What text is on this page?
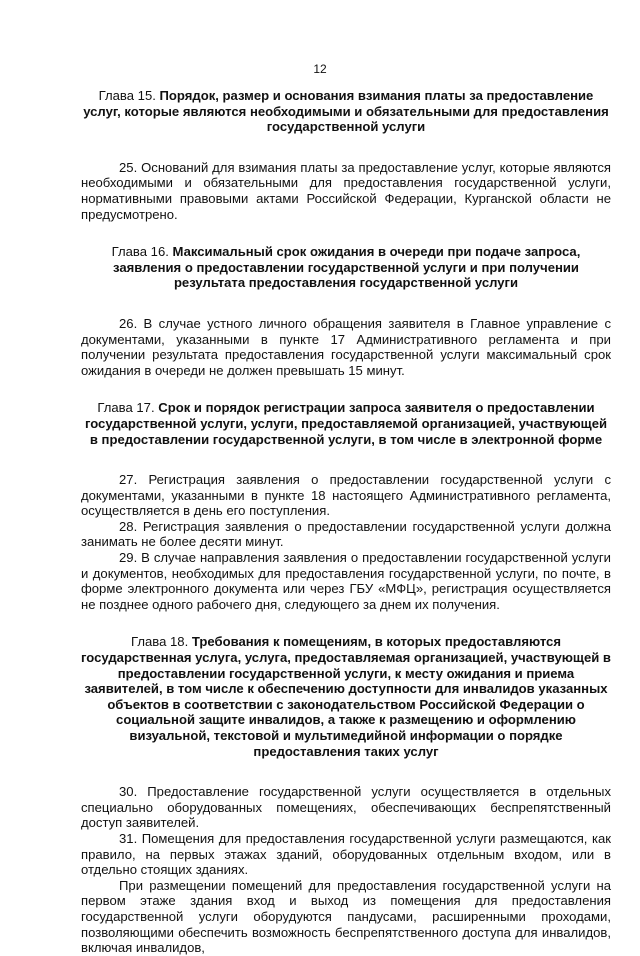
12

Глава 15. Порядок, размер и основания взимания платы за предоставление услуг, которые являются необходимыми и обязательными для предоставления государственной услуги

25. Оснований для взимания платы за предоставление услуг, которые являются необходимыми и обязательными для предоставления государственной услуги, нормативными правовыми актами Российской Федерации, Курганской области не предусмотрено.

Глава 16. Максимальный срок ожидания в очереди при подаче запроса, заявления о предоставлении государственной услуги и при получении результата предоставления государственной услуги

26. В случае устного личного обращения заявителя в Главное управление с документами, указанными в пункте 17 Административного регламента и при получении результата предоставления государственной услуги максимальный срок ожидания в очереди не должен превышать 15 минут.

Глава 17. Срок и порядок регистрации запроса заявителя о предоставлении государственной услуги, услуги, предоставляемой организацией, участвующей в предоставлении государственной услуги, в том числе в электронной форме

27. Регистрация заявления о предоставлении государственной услуги с документами, указанными в пункте 18 настоящего Административного регламента, осуществляется в день его поступления.

28. Регистрация заявления о предоставлении государственной услуги должна занимать не более десяти минут.

29. В случае направления заявления о предоставлении государственной услуги и документов, необходимых для предоставления государственной услуги, по почте, в форме электронного документа или через ГБУ «МФЦ», регистрация осуществляется не позднее одного рабочего дня, следующего за днем их получения.

Глава 18. Требования к помещениям, в которых предоставляются государственная услуга, услуга, предоставляемая организацией, участвующей в предоставлении государственной услуги, к месту ожидания и приема заявителей, в том числе к обеспечению доступности для инвалидов указанных объектов в соответствии с законодательством Российской Федерации о социальной защите инвалидов, а также к размещению и оформлению визуальной, текстовой и мультимедийной информации о порядке предоставления таких услуг

30. Предоставление государственной услуги осуществляется в отдельных специально оборудованных помещениях, обеспечивающих беспрепятственный доступ заявителей.

31. Помещения для предоставления государственной услуги размещаются, как правило, на первых этажах зданий, оборудованных отдельным входом, или в отдельно стоящих зданиях.

При размещении помещений для предоставления государственной услуги на первом этаже здания вход и выход из помещения для предоставления государственной услуги оборудуются пандусами, расширенными проходами, позволяющими обеспечить возможность беспрепятственного доступа для инвалидов, включая инвалидов,
